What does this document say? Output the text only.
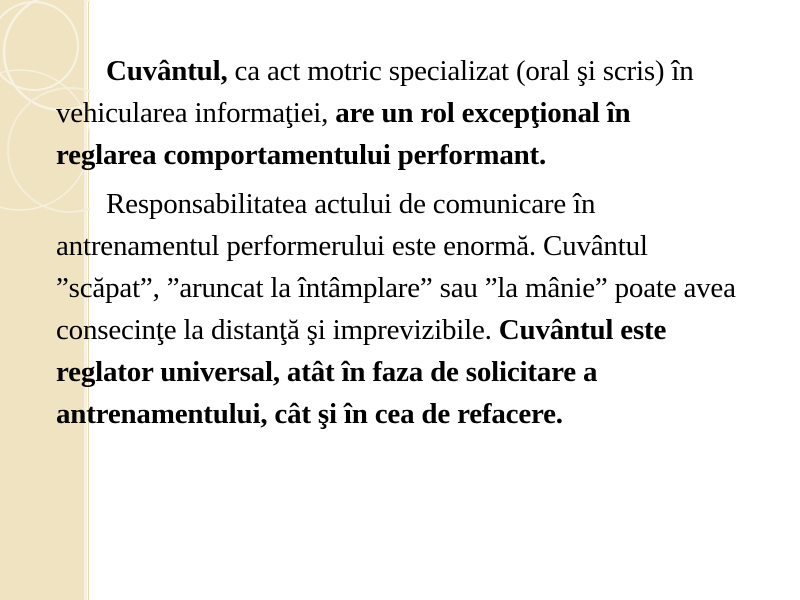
Cuvântul, ca act motric specializat (oral şi scris) în vehicularea informaţiei, are un rol excepţional în reglarea comportamentului performant.

Responsabilitatea actului de comunicare în antrenamentul performerului este enormă. Cuvântul ”scăpat”, ”aruncat la întâmplare” sau ”la mânie” poate avea consecinţe la distanţă şi imprevizibile. Cuvântul este reglator universal, atât în faza de solicitare a antrenamentului, cât şi în cea de refacere.
